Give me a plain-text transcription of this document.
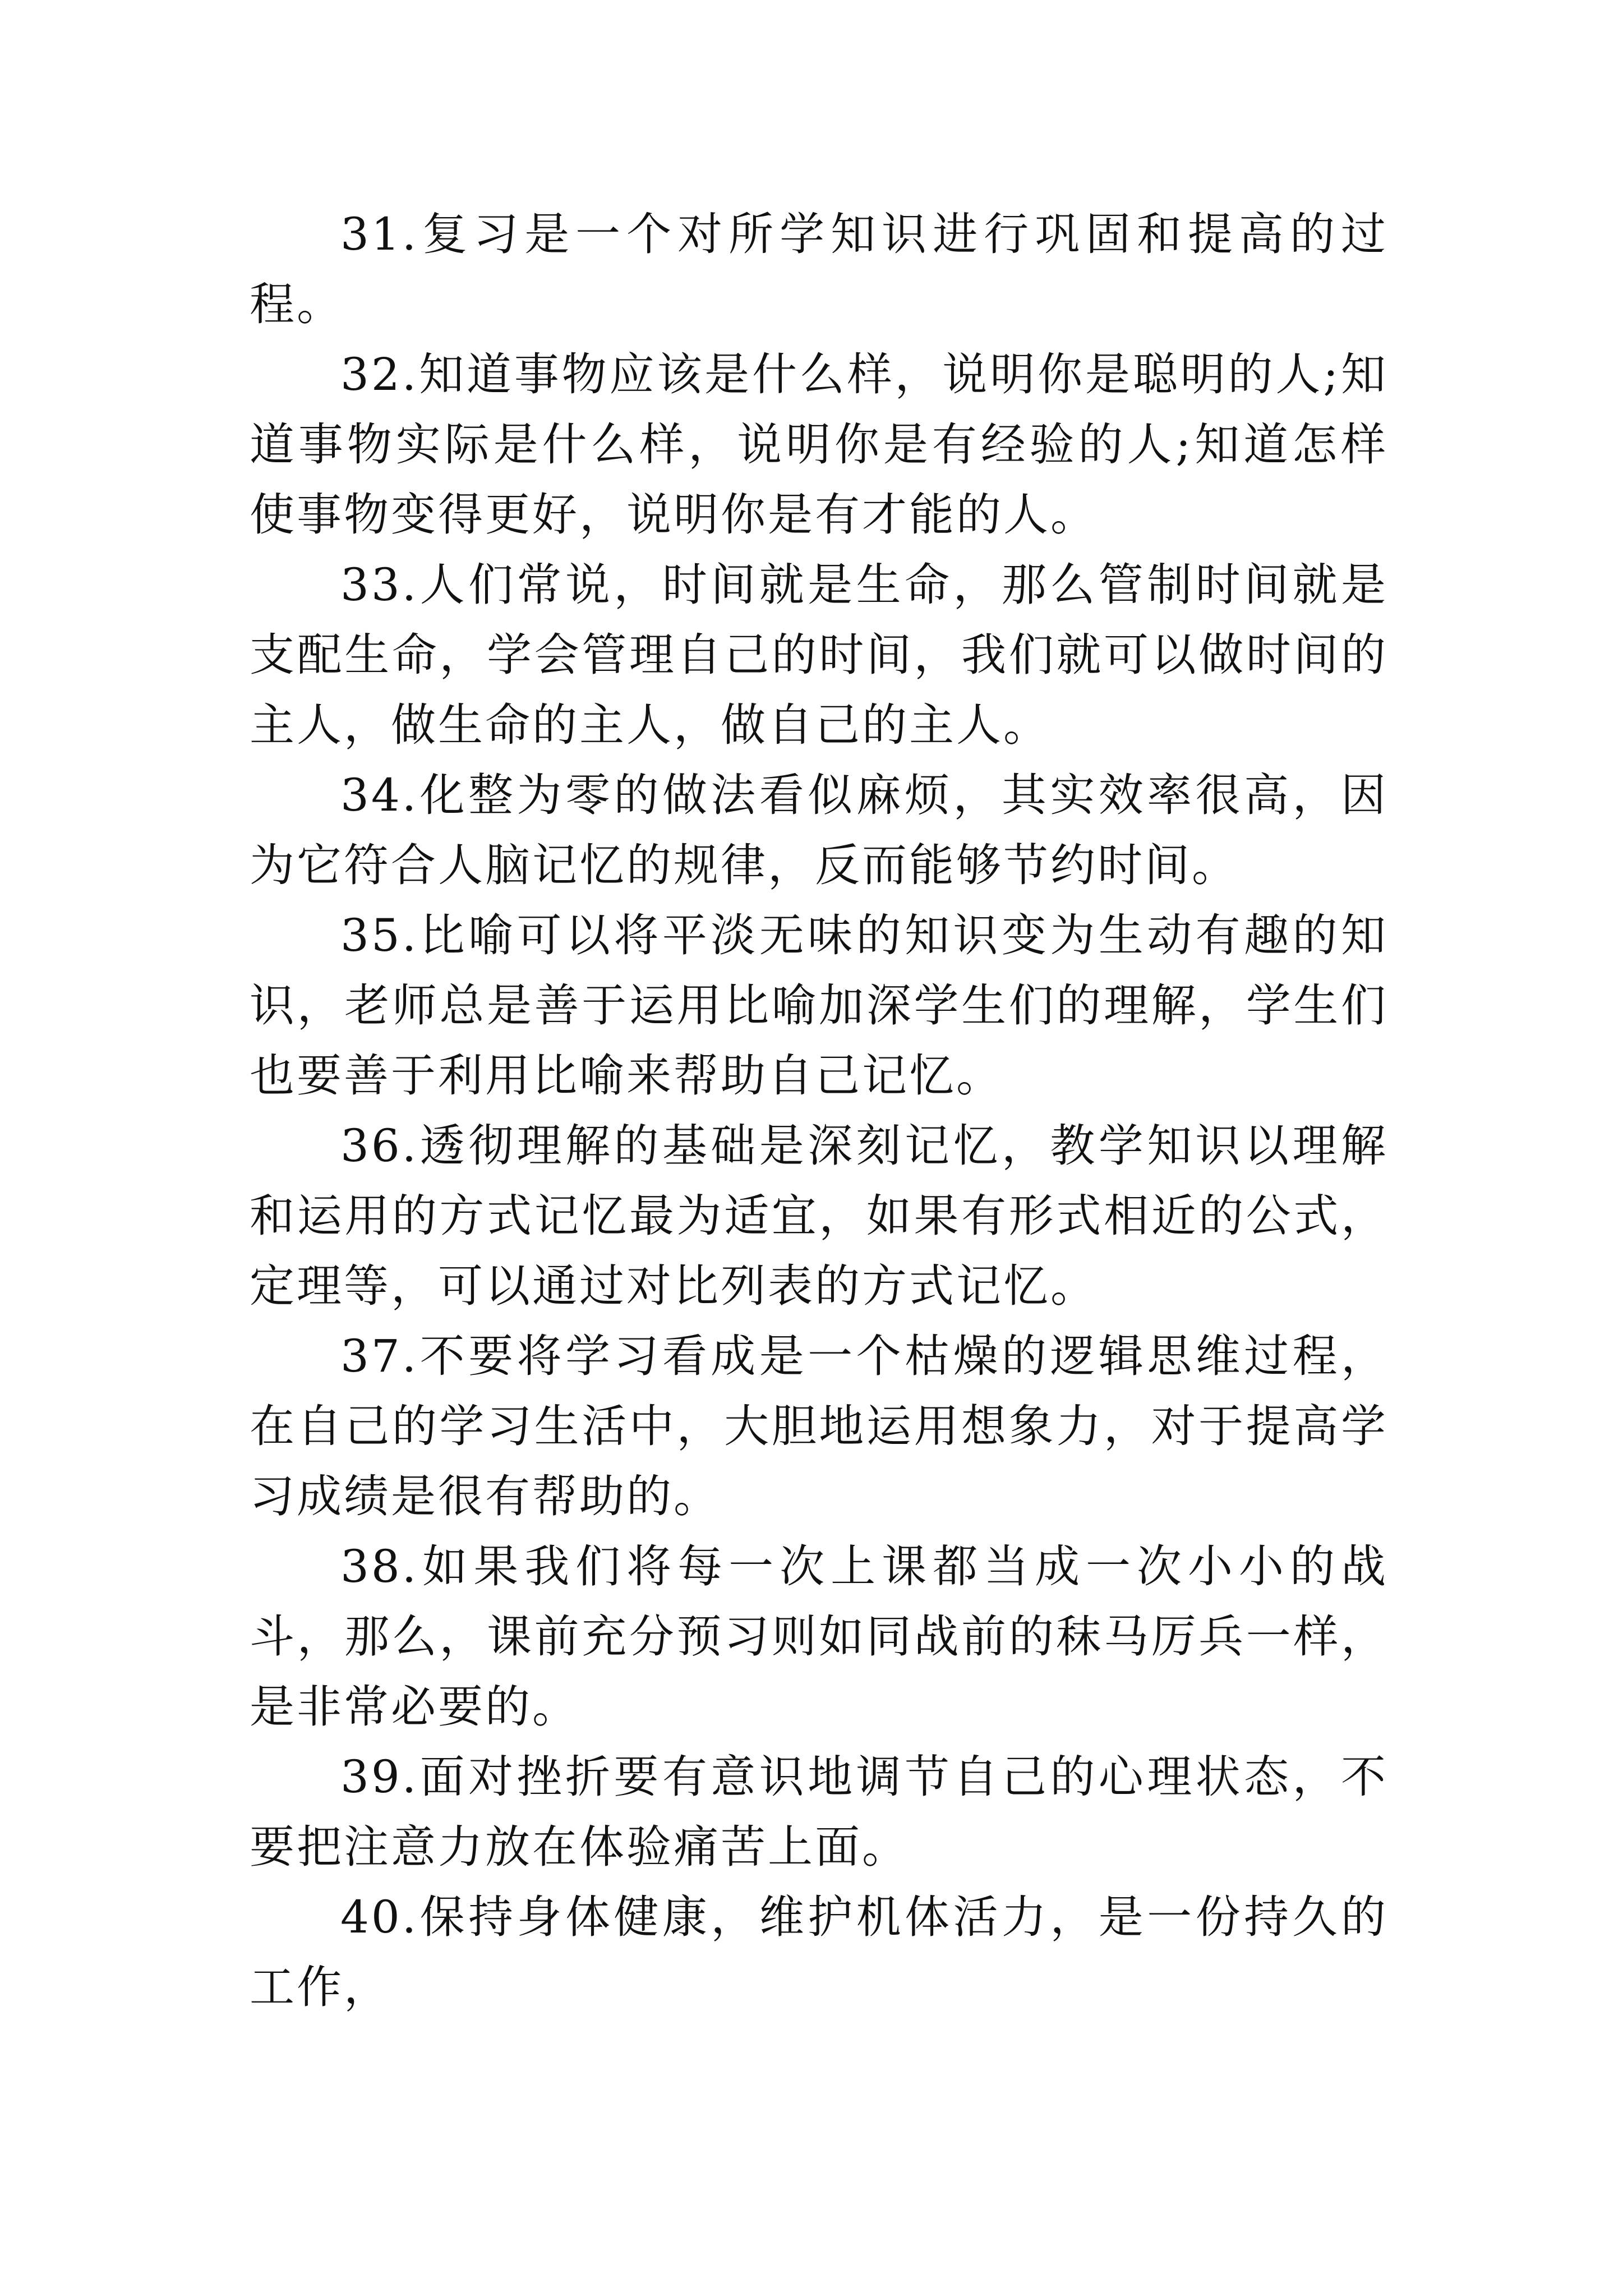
31.复习是一个对所学知识进行巩固和提高的过程。

32.知道事物应该是什么样，说明你是聪明的人;知道事物实际是什么样，说明你是有经验的人;知道怎样使事物变得更好，说明你是有才能的人。

33.人们常说，时间就是生命，那么管制时间就是支配生命，学会管理自己的时间，我们就可以做时间的主人，做生命的主人，做自己的主人。

34.化整为零的做法看似麻烦，其实效率很高，因为它符合人脑记忆的规律，反而能够节约时间。

35.比喻可以将平淡无味的知识变为生动有趣的知识，老师总是善于运用比喻加深学生们的理解，学生们也要善于利用比喻来帮助自己记忆。

36.透彻理解的基础是深刻记忆，教学知识以理解和运用的方式记忆最为适宜，如果有形式相近的公式，定理等，可以通过对比列表的方式记忆。

37.不要将学习看成是一个枯燥的逻辑思维过程，在自己的学习生活中，大胆地运用想象力，对于提高学习成绩是很有帮助的。

38.如果我们将每一次上课都当成一次小小的战斗，那么，课前充分预习则如同战前的秣马厉兵一样，是非常必要的。

39.面对挫折要有意识地调节自己的心理状态，不要把注意力放在体验痛苦上面。

40.保持身体健康，维护机体活力，是一份持久的工作，
